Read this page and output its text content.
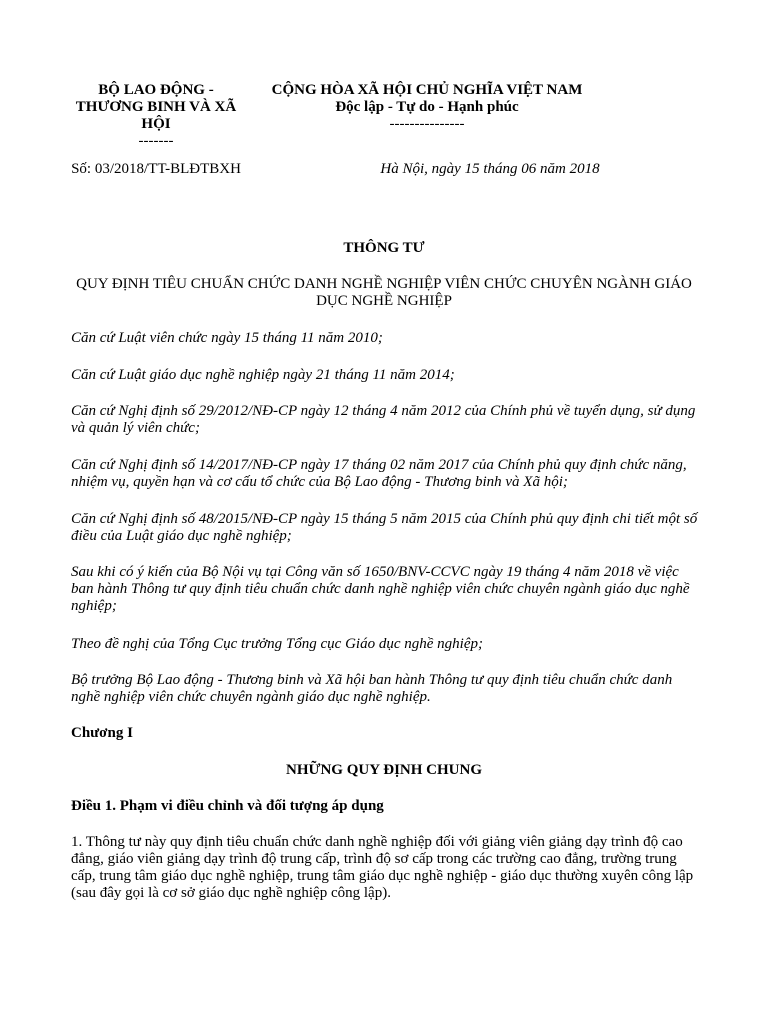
BỘ LAO ĐỘNG - THƯƠNG BINH VÀ XÃ HỘI
-------
CỘNG HÒA XÃ HỘI CHỦ NGHĨA VIỆT NAM
Độc lập - Tự do - Hạnh phúc
---------------
Số: 03/2018/TT-BLĐTBXH	Hà Nội, ngày 15 tháng 06 năm 2018
THÔNG TƯ
QUY ĐỊNH TIÊU CHUẨN CHỨC DANH NGHỀ NGHIỆP VIÊN CHỨC CHUYÊN NGÀNH GIÁO DỤC NGHỀ NGHIỆP
Căn cứ Luật viên chức ngày 15 tháng 11 năm 2010;
Căn cứ Luật giáo dục nghề nghiệp ngày 21 tháng 11 năm 2014;
Căn cứ Nghị định số 29/2012/NĐ-CP ngày 12 tháng 4 năm 2012 của Chính phủ về tuyển dụng, sử dụng và quản lý viên chức;
Căn cứ Nghị định số 14/2017/NĐ-CP ngày 17 tháng 02 năm 2017 của Chính phủ quy định chức năng, nhiệm vụ, quyền hạn và cơ cấu tổ chức của Bộ Lao động - Thương binh và Xã hội;
Căn cứ Nghị định số 48/2015/NĐ-CP ngày 15 tháng 5 năm 2015 của Chính phủ quy định chi tiết một số điều của Luật giáo dục nghề nghiệp;
Sau khi có ý kiến của Bộ Nội vụ tại Công văn số 1650/BNV-CCVC ngày 19 tháng 4 năm 2018 về việc ban hành Thông tư quy định tiêu chuẩn chức danh nghề nghiệp viên chức chuyên ngành giáo dục nghề nghiệp;
Theo đề nghị của Tổng Cục trưởng Tổng cục Giáo dục nghề nghiệp;
Bộ trưởng Bộ Lao động - Thương binh và Xã hội ban hành Thông tư quy định tiêu chuẩn chức danh nghề nghiệp viên chức chuyên ngành giáo dục nghề nghiệp.
Chương I
NHỮNG QUY ĐỊNH CHUNG
Điều 1. Phạm vi điều chỉnh và đối tượng áp dụng
1. Thông tư này quy định tiêu chuẩn chức danh nghề nghiệp đối với giảng viên giảng dạy trình độ cao đẳng, giáo viên giảng dạy trình độ trung cấp, trình độ sơ cấp trong các trường cao đẳng, trường trung cấp, trung tâm giáo dục nghề nghiệp, trung tâm giáo dục nghề nghiệp - giáo dục thường xuyên công lập (sau đây gọi là cơ sở giáo dục nghề nghiệp công lập).
